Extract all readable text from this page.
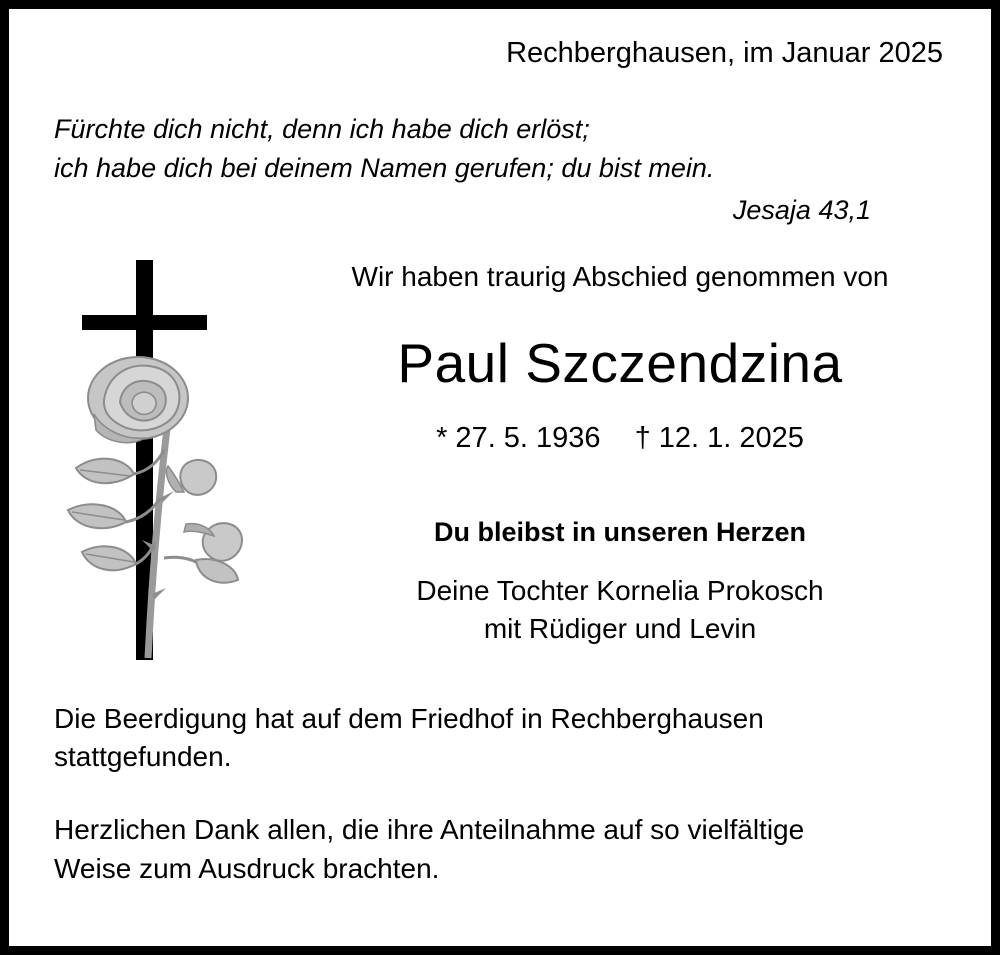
Rechberghausen, im Januar 2025
Fürchte dich nicht, denn ich habe dich erlöst;
ich habe dich bei deinem Namen gerufen; du bist mein.
Jesaja 43,1
Wir haben traurig Abschied genommen von
Paul Szczendzina
* 27. 5. 1936 † 12. 1. 2025
Du bleibst in unseren Herzen
Deine Tochter Kornelia Prokosch
mit Rüdiger und Levin

Die Beerdigung hat auf dem Friedhof in Rechberghausen
stattgefunden.

Herzlichen Dank allen, die ihre Anteilnahme auf so vielfältige
Weise zum Ausdruck brachten.
